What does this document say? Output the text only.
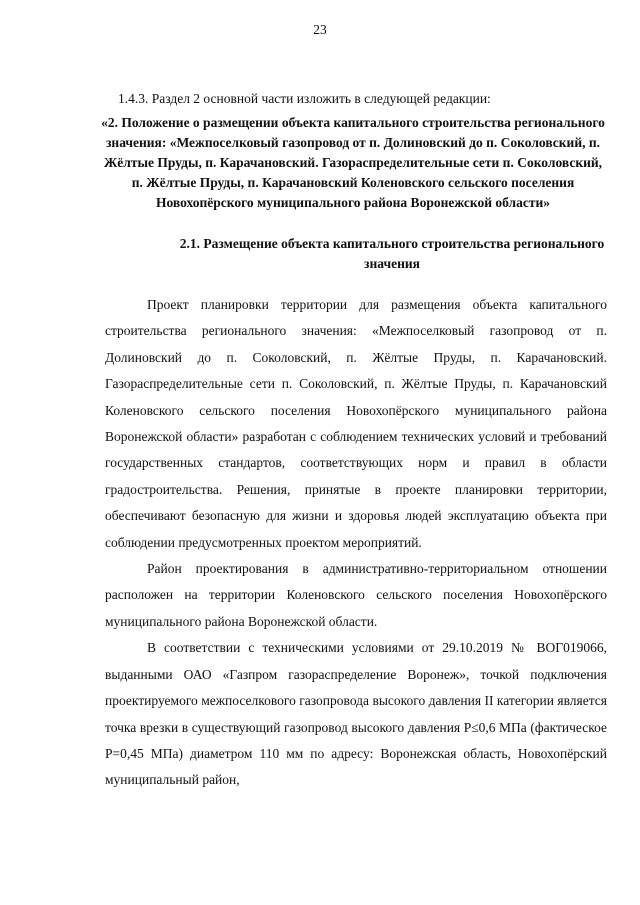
23
1.4.3. Раздел 2 основной части изложить в следующей редакции:
«2. Положение о размещении объекта капитального строительства регионального значения: «Межпоселковый газопровод от п. Долиновский до п. Соколовский, п. Жёлтые Пруды, п. Карачановский. Газораспределительные сети п. Соколовский, п. Жёлтые Пруды, п. Карачановский Коленовского сельского поселения Новохопёрского муниципального района Воронежской области»
2.1. Размещение объекта капитального строительства регионального значения

Проект планировки территории для размещения объекта капитального строительства регионального значения: «Межпоселковый газопровод от п. Долиновский до п. Соколовский, п. Жёлтые Пруды, п. Карачановский. Газораспределительные сети п. Соколовский, п. Жёлтые Пруды, п. Карачановский Коленовского сельского поселения Новохопёрского муниципального района Воронежской области» разработан с соблюдением технических условий и требований государственных стандартов, соответствующих норм и правил в области градостроительства. Решения, принятые в проекте планировки территории, обеспечивают безопасную для жизни и здоровья людей эксплуатацию объекта при соблюдении предусмотренных проектом мероприятий.

Район проектирования в административно-территориальном отношении расположен на территории Коленовского сельского поселения Новохопёрского муниципального района Воронежской области.

В соответствии с техническими условиями от 29.10.2019 № ВОГ019066, выданными ОАО «Газпром газораспределение Воронеж», точкой подключения проектируемого межпоселкового газопровода высокого давления II категории является точка врезки в существующий газопровод высокого давления P≤0,6 МПа (фактическое P=0,45 МПа) диаметром 110 мм по адресу: Воронежская область, Новохопёрский муниципальный район,
